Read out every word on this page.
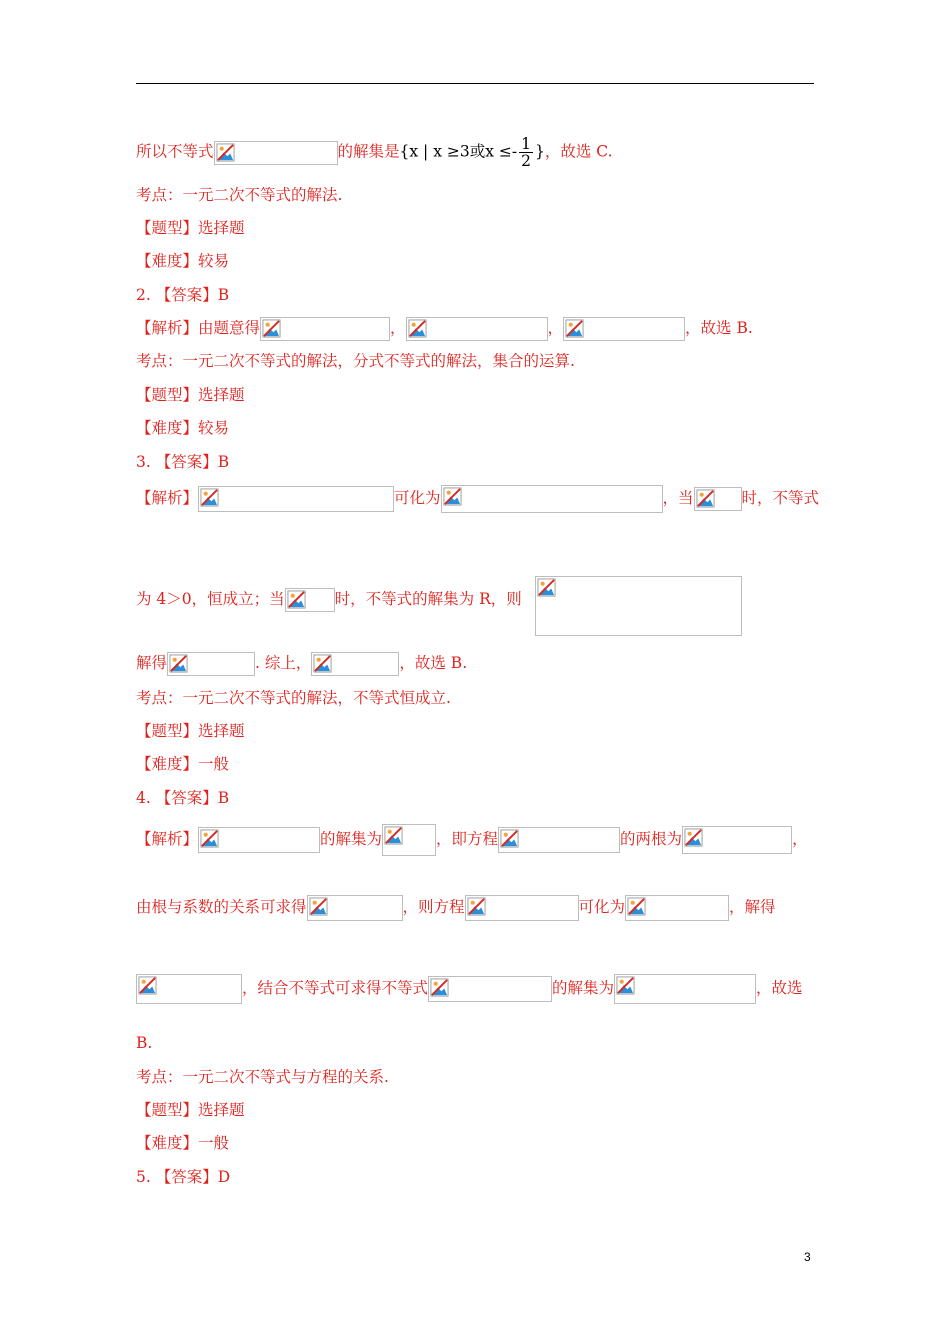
所以不等式	的解集是{x | x ≥3或$x \le- \frac{1}{2}$ }，故选 C.
考点：一元二次不等式的解法.
【题型】选择题
【难度】较易
2. 【答案】B
【解析】由题意得	，	，	，故选 B.
考点：一元二次不等式的解法，分式不等式的解法，集合的运算.
【题型】选择题
【难度】较易
3. 【答案】B
【解析】	可化为	，当	时，不等式
为 4＞0，恒成立；当	时，不等式的解集为 R，则
解得	. 综上，	，故选 B.
考点：一元二次不等式的解法，不等式恒成立.
【题型】选择题
【难度】一般
4. 【答案】B
【解析】	的解集为	，即方程	的两根为	，
由根与系数的关系可求得	，则方程	可化为	，解得
，结合不等式可求得不等式	的解集为	，故选
B.
考点：一元二次不等式与方程的关系.
【题型】选择题
【难度】一般
5. 【答案】D
3
